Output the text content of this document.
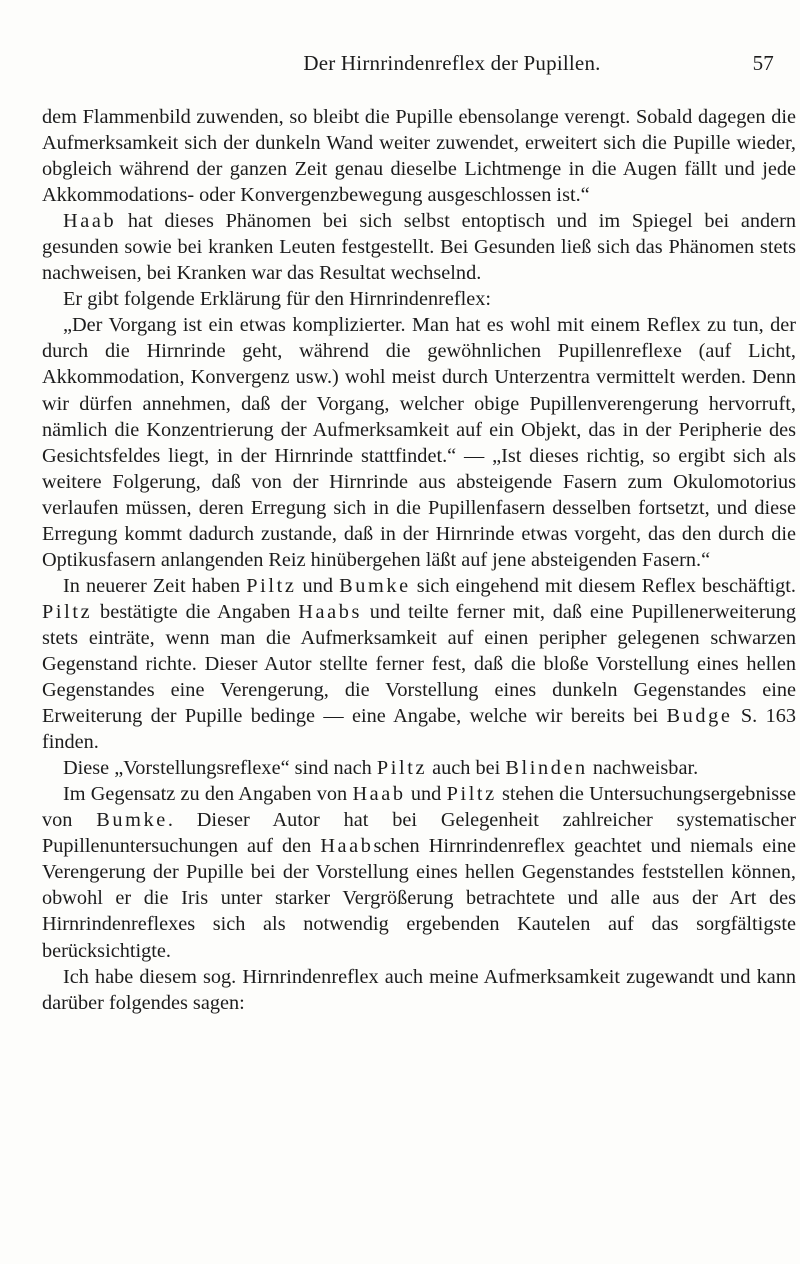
Der Hirnrindenreflex der Pupillen.	57

dem Flammenbild zuwenden, so bleibt die Pupille ebensolange verengt. Sobald dagegen die Aufmerksamkeit sich der dunkeln Wand weiter zuwendet, erweitert sich die Pupille wieder, obgleich während der ganzen Zeit genau dieselbe Lichtmenge in die Augen fällt und jede Akkommodations- oder Konvergenzbewegung ausgeschlossen ist.“

Haab hat dieses Phänomen bei sich selbst entoptisch und im Spiegel bei andern gesunden sowie bei kranken Leuten festgestellt. Bei Gesunden ließ sich das Phänomen stets nachweisen, bei Kranken war das Resultat wechselnd.

Er gibt folgende Erklärung für den Hirnrindenreflex:

„Der Vorgang ist ein etwas komplizierter. Man hat es wohl mit einem Reflex zu tun, der durch die Hirnrinde geht, während die gewöhnlichen Pupillenreflexe (auf Licht, Akkommodation, Konvergenz usw.) wohl meist durch Unterzentra vermittelt werden. Denn wir dürfen annehmen, daß der Vorgang, welcher obige Pupillenverengerung hervorruft, nämlich die Konzentrierung der Aufmerksamkeit auf ein Objekt, das in der Peripherie des Gesichtsfeldes liegt, in der Hirnrinde stattfindet.“ — „Ist dieses richtig, so ergibt sich als weitere Folgerung, daß von der Hirnrinde aus absteigende Fasern zum Okulomotorius verlaufen müssen, deren Erregung sich in die Pupillenfasern desselben fortsetzt, und diese Erregung kommt dadurch zustande, daß in der Hirnrinde etwas vorgeht, das den durch die Optikusfasern anlangenden Reiz hinübergehen läßt auf jene absteigenden Fasern.“

In neuerer Zeit haben Piltz und Bumke sich eingehend mit diesem Reflex beschäftigt. Piltz bestätigte die Angaben Haabs und teilte ferner mit, daß eine Pupillenerweiterung stets einträte, wenn man die Aufmerksamkeit auf einen peripher gelegenen schwarzen Gegenstand richte. Dieser Autor stellte ferner fest, daß die bloße Vorstellung eines hellen Gegenstandes eine Verengerung, die Vorstellung eines dunkeln Gegenstandes eine Erweiterung der Pupille bedinge — eine Angabe, welche wir bereits bei Budge S. 163 finden.

Diese „Vorstellungsreflexe“ sind nach Piltz auch bei Blinden nachweisbar.

Im Gegensatz zu den Angaben von Haab und Piltz stehen die Untersuchungsergebnisse von Bumke. Dieser Autor hat bei Gelegenheit zahlreicher systematischer Pupillenuntersuchungen auf den Haabschen Hirnrindenreflex geachtet und niemals eine Verengerung der Pupille bei der Vorstellung eines hellen Gegenstandes feststellen können, obwohl er die Iris unter starker Vergrößerung betrachtete und alle aus der Art des Hirnrindenreflexes sich als notwendig ergebenden Kautelen auf das sorgfältigste berücksichtigte.

Ich habe diesem sog. Hirnrindenreflex auch meine Aufmerksamkeit zugewandt und kann darüber folgendes sagen:
